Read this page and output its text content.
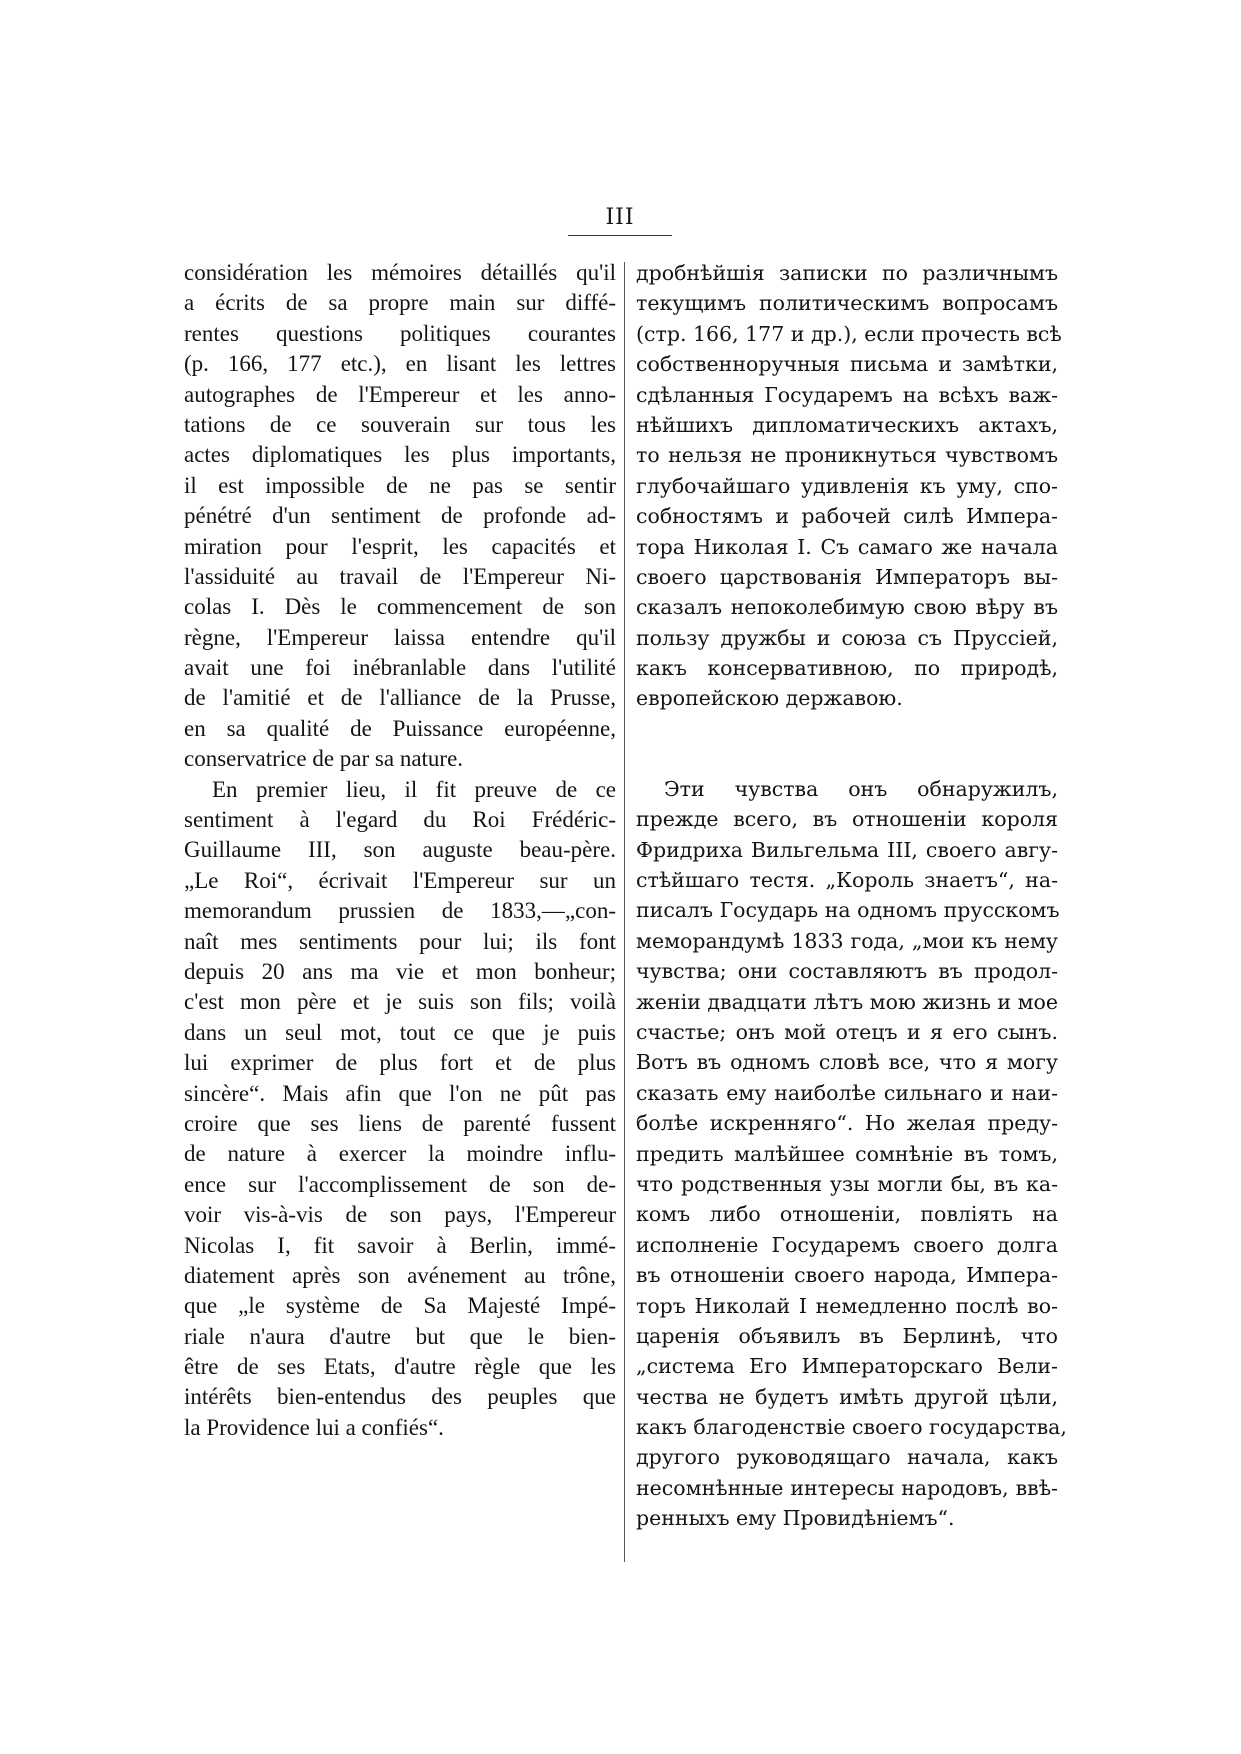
III
considération les mémoires détaillés qu'il
a écrits de sa propre main sur diffé-
rentes questions politiques courantes
(p. 166, 177 etc.), en lisant les lettres
autographes de l'Empereur et les anno-
tations de ce souverain sur tous les
actes diplomatiques les plus importants,
il est impossible de ne pas se sentir
pénétré d'un sentiment de profonde ad-
miration pour l'esprit, les capacités et
l'assiduité au travail de l'Empereur Ni-
colas I. Dès le commencement de son
règne, l'Empereur laissa entendre qu'il
avait une foi inébranlable dans l'utilité
de l'amitié et de l'alliance de la Prusse,
en sa qualité de Puissance européenne,
conservatrice de par sa nature.
En premier lieu, il fit preuve de ce
sentiment à l'egard du Roi Frédéric-
Guillaume III, son auguste beau-père.
„Le Roi“, écrivait l'Empereur sur un
memorandum prussien de 1833,—„con-
naît mes sentiments pour lui; ils font
depuis 20 ans ma vie et mon bonheur;
c'est mon père et je suis son fils; voilà
dans un seul mot, tout ce que je puis
lui exprimer de plus fort et de plus
sincère“. Mais afin que l'on ne pût pas
croire que ses liens de parenté fussent
de nature à exercer la moindre influ-
ence sur l'accomplissement de son de-
voir vis-à-vis de son pays, l'Empereur
Nicolas I, fit savoir à Berlin, immé-
diatement après son avénement au trône,
que „le système de Sa Majesté Impé-
riale n'aura d'autre but que le bien-
être de ses Etats, d'autre règle que les
intérêts bien-entendus des peuples que
la Providence lui a confiés“.
дробнѣйшія записки по различнымъ
текущимъ политическимъ вопросамъ
(стр. 166, 177 и др.), если прочесть всѣ
собственноручныя письма и замѣтки,
сдѣланныя Государемъ на всѣхъ важ-
нѣйшихъ дипломатическихъ актахъ,
то нельзя не проникнуться чувствомъ
глубочайшаго удивленія къ уму, спо-
собностямъ и рабочей силѣ Импера-
тора Николая I. Съ самаго же начала
своего царствованія Императоръ вы-
сказалъ непоколебимую свою вѣру въ
пользу дружбы и союза съ Пруссіей,
какъ консервативною, по природѣ,
европейскою державою.
Эти чувства онъ обнаружилъ,
прежде всего, въ отношеніи короля
Фридриха Вильгельма III, своего авгу-
стѣйшаго тестя. „Король знаетъ“, на-
писалъ Государь на одномъ прусскомъ
меморандумѣ 1833 года, „мои къ нему
чувства; они составляютъ въ продол-
женіи двадцати лѣтъ мою жизнь и мое
счастье; онъ мой отецъ и я его сынъ.
Вотъ въ одномъ словѣ все, что я могу
сказать ему наиболѣе сильнаго и наи-
болѣе искренняго“. Но желая преду-
предить малѣйшее сомнѣніе въ томъ,
что родственныя узы могли бы, въ ка-
комъ либо отношеніи, повліять на
исполненіе Государемъ своего долга
въ отношеніи своего народа, Импера-
торъ Николай I немедленно послѣ во-
царенія объявилъ въ Берлинѣ, что
„система Его Императорскаго Вели-
чества не будетъ имѣть другой цѣли,
какъ благоденствіе своего государства,
другого руководящаго начала, какъ
несомнѣнные интересы народовъ, ввѣ-
ренныхъ ему Провидѣніемъ“.
